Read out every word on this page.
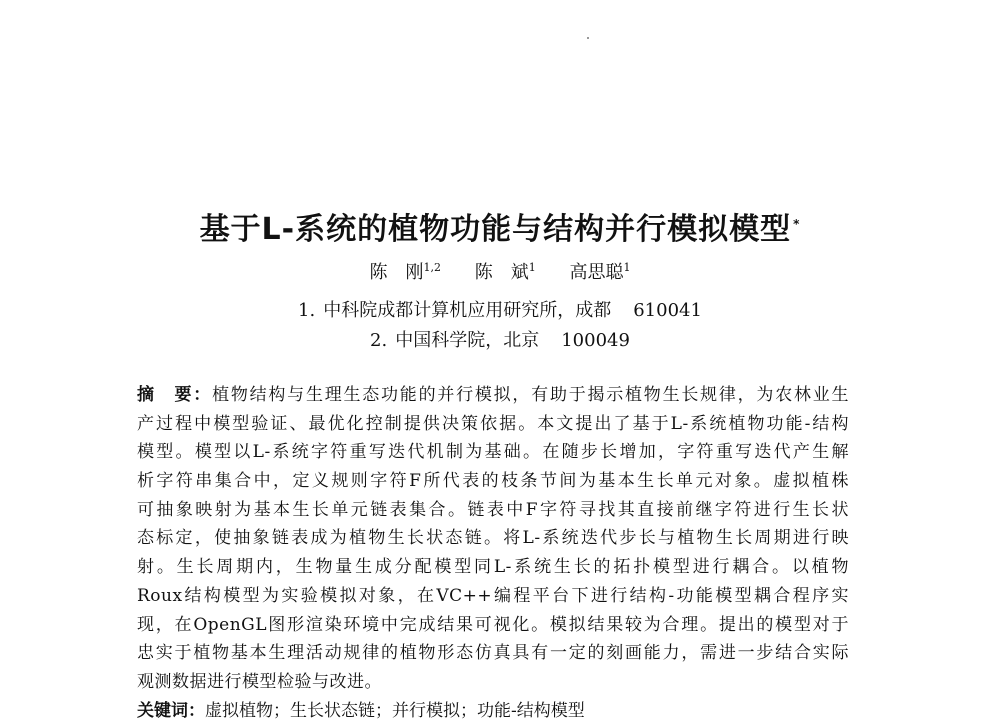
基于L-系统的植物功能与结构并行模拟模型 *
陈　刚$^{1,2}$ 陈　斌$^1$ 高思聪$^1$
1. 中科院成都计算机应用研究所，成都 610041
2. 中国科学院，北京 100049
摘　要：植物结构与生理生态功能的并行模拟，有助于揭示植物生长规律，为农林业生
产过程中模型验证、最优化控制提供决策依据。本文提出了基于L-系统植物功能-结构
模型。模型以L-系统字符重写迭代机制为基础。在随步长增加，字符重写迭代产生解
析字符串集合中，定义规则字符F所代表的枝条节间为基本生长单元对象。虚拟植株
可抽象映射为基本生长单元链表集合。链表中F字符寻找其直接前继字符进行生长状
态标定，使抽象链表成为植物生长状态链。将L-系统迭代步长与植物生长周期进行映
射。生长周期内，生物量生成分配模型同L-系统生长的拓扑模型进行耦合。以植物
Roux结构模型为实验模拟对象，在VC++编程平台下进行结构-功能模型耦合程序实
现，在OpenGL图形渲染环境中完成结果可视化。模拟结果较为合理。提出的模型对于
忠实于植物基本生理活动规律的植物形态仿真具有一定的刻画能力，需进一步结合实际
观测数据进行模型检验与改进。
关键词：虚拟植物；生长状态链；并行模拟；功能-结构模型
